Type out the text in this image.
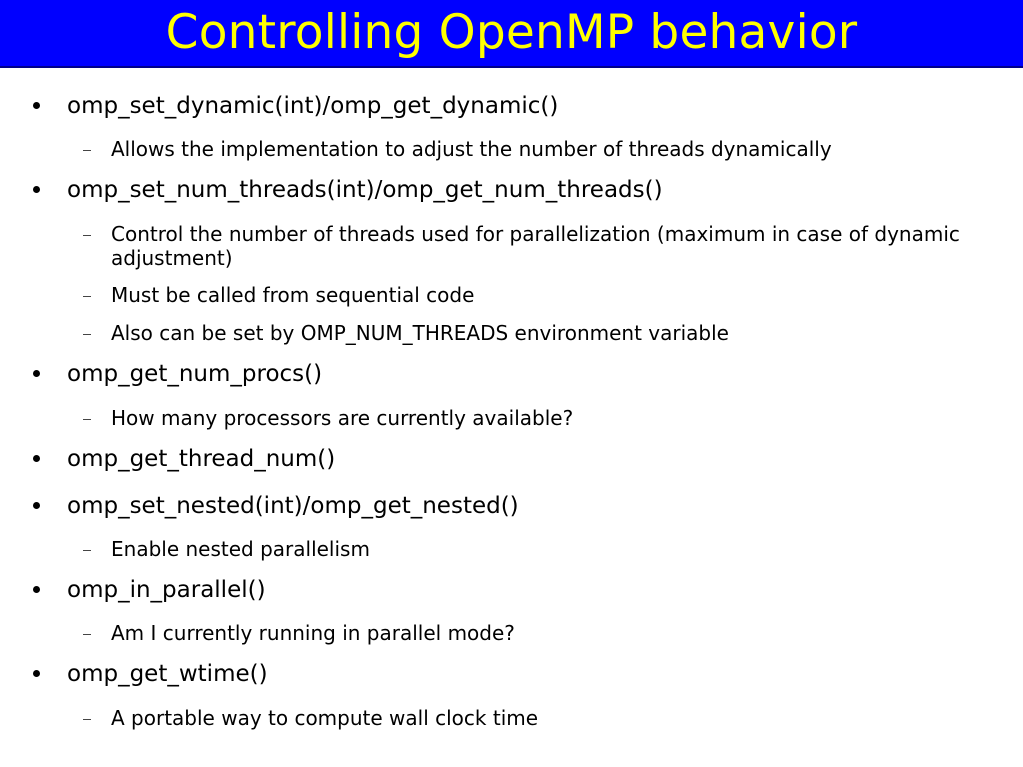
Controlling OpenMP behavior
omp_set_dynamic(int)/omp_get_dynamic()
Allows the implementation to adjust the number of threads dynamically
omp_set_num_threads(int)/omp_get_num_threads()
Control the number of threads used for parallelization (maximum in case of dynamic adjustment)
Must be called from sequential code
Also can be set by OMP_NUM_THREADS environment variable
omp_get_num_procs()
How many processors are currently available?
omp_get_thread_num()
omp_set_nested(int)/omp_get_nested()
Enable nested parallelism
omp_in_parallel()
Am I currently running in parallel mode?
omp_get_wtime()
A portable way to compute wall clock time
